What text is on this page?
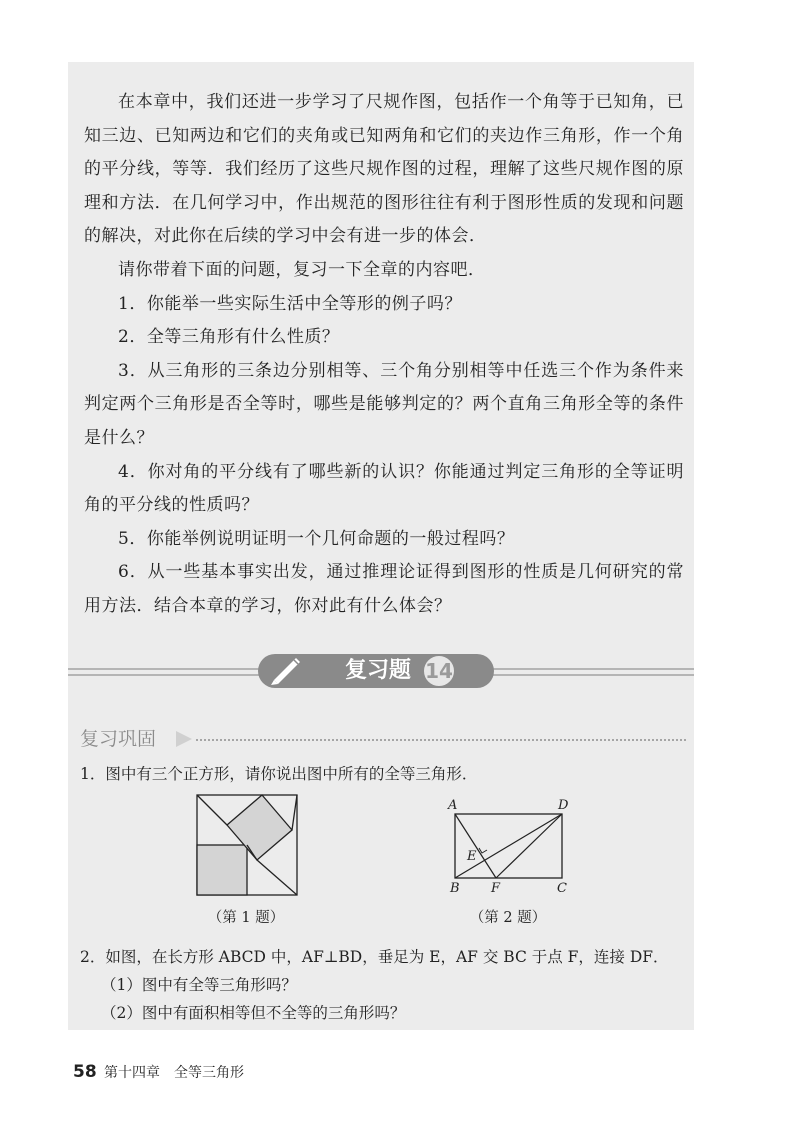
在本章中，我们还进一步学习了尺规作图，包括作一个角等于已知角，已知三边、已知两边和它们的夹角或已知两角和它们的夹边作三角形，作一个角的平分线，等等．我们经历了这些尺规作图的过程，理解了这些尺规作图的原理和方法．在几何学习中，作出规范的图形往往有利于图形性质的发现和问题的解决，对此你在后续的学习中会有进一步的体会．

请你带着下面的问题，复习一下全章的内容吧．

1．你能举一些实际生活中全等形的例子吗？

2．全等三角形有什么性质？

3．从三角形的三条边分别相等、三个角分别相等中任选三个作为条件来判定两个三角形是否全等时，哪些是能够判定的？两个直角三角形全等的条件是什么？

4．你对角的平分线有了哪些新的认识？你能通过判定三角形的全等证明角的平分线的性质吗？

5．你能举例说明证明一个几何命题的一般过程吗？

6．从一些基本事实出发，通过推理论证得到图形的性质是几何研究的常用方法．结合本章的学习，你对此有什么体会？

复习题 14
复习巩固
1．图中有三个正方形，请你说出图中所有的全等三角形．
（第 1 题）
A	D
E
B F	C
（第 2 题）
2．如图，在长方形 ABCD 中，AF⊥BD，垂足为 E，AF 交 BC 于点 F，连接 DF．
（1）图中有全等三角形吗？
（2）图中有面积相等但不全等的三角形吗？
58 第十四章　全等三角形
